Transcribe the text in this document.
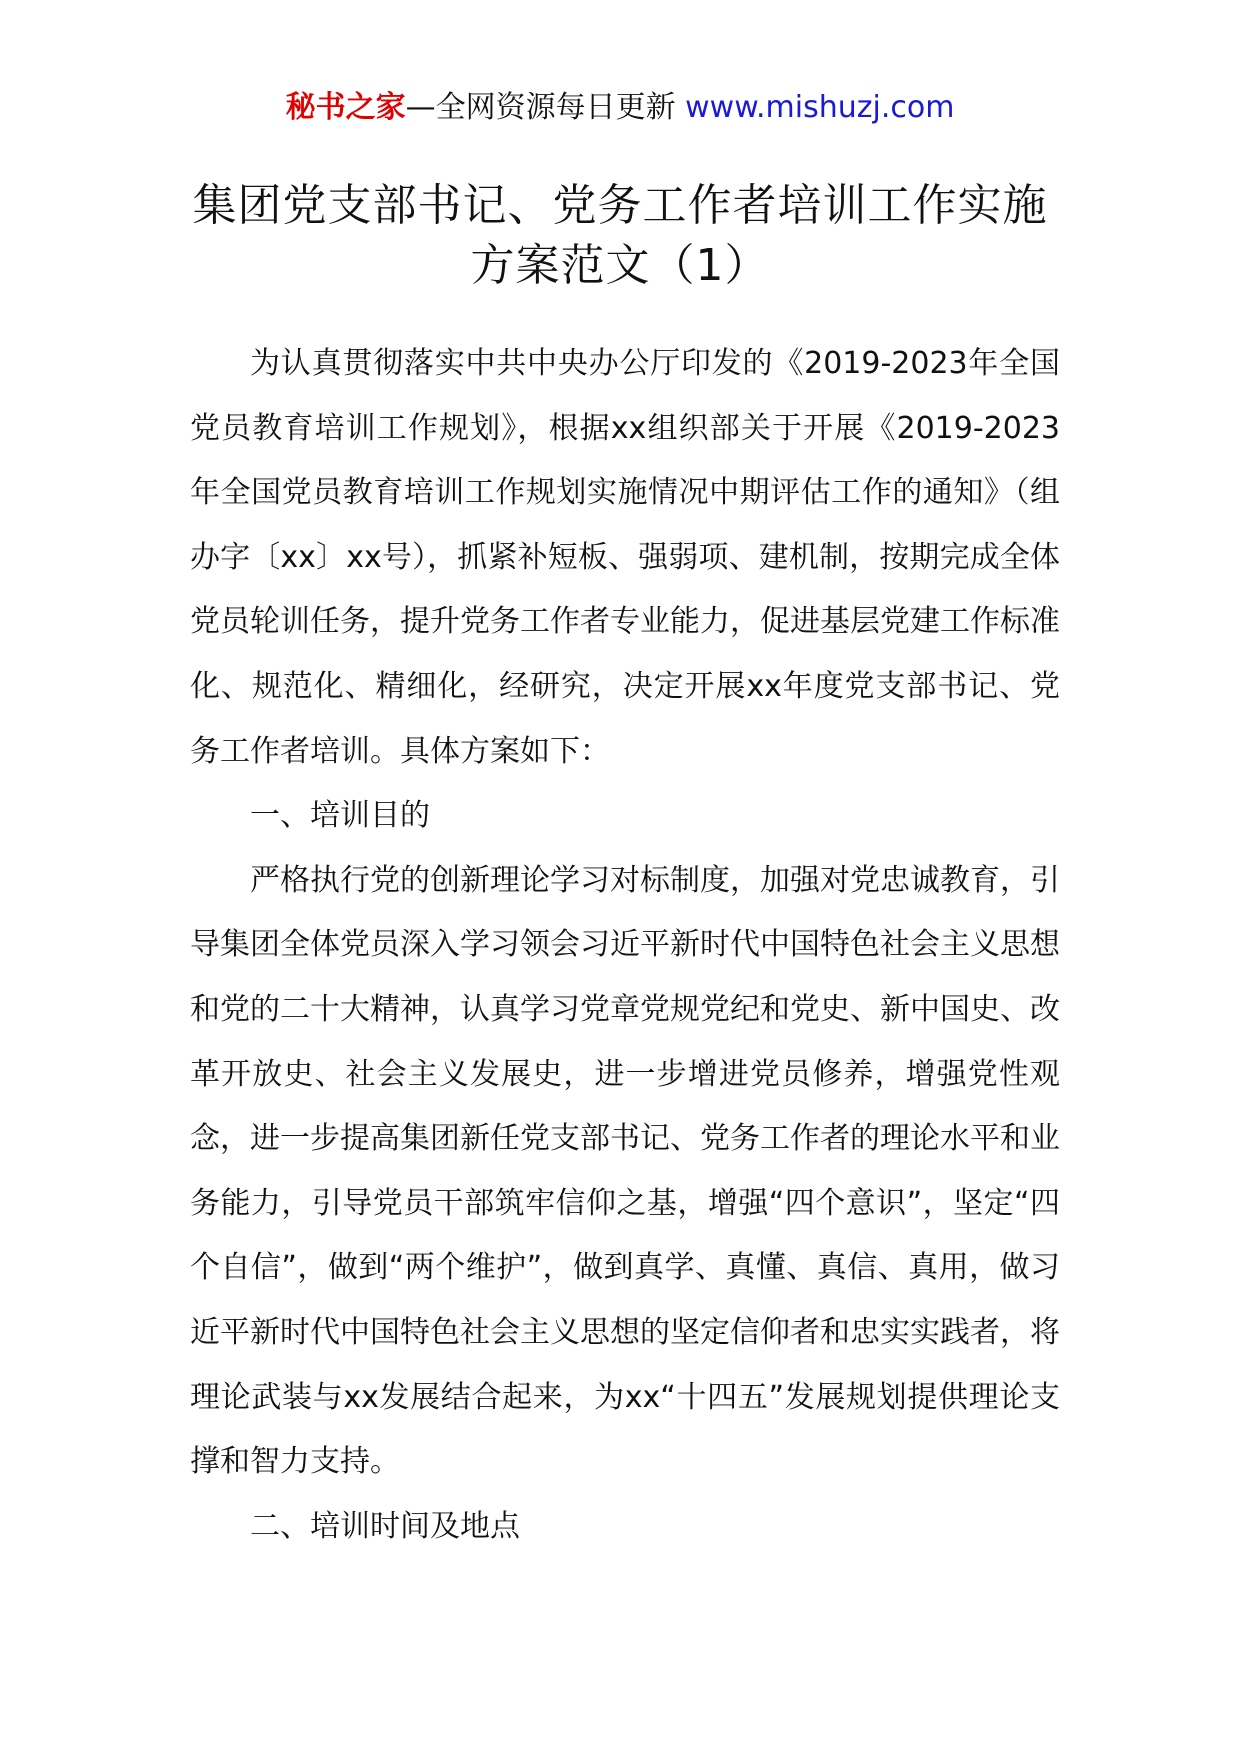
秘书之家—全网资源每日更新 www.mishuzj.com
集团党支部书记、党务工作者培训工作实施方案范文（1）

为认真贯彻落实中共中央办公厅印发的《2019-2023年全国党员教育培训工作规划》，根据xx组织部关于开展《2019-2023年全国党员教育培训工作规划实施情况中期评估工作的通知》（组办字〔xx〕xx号），抓紧补短板、强弱项、建机制，按期完成全体党员轮训任务，提升党务工作者专业能力，促进基层党建工作标准化、规范化、精细化，经研究，决定开展xx年度党支部书记、党务工作者培训。具体方案如下：

一、培训目的

严格执行党的创新理论学习对标制度，加强对党忠诚教育，引导集团全体党员深入学习领会习近平新时代中国特色社会主义思想和党的二十大精神，认真学习党章党规党纪和党史、新中国史、改革开放史、社会主义发展史，进一步增进党员修养，增强党性观念，进一步提高集团新任党支部书记、党务工作者的理论水平和业务能力，引导党员干部筑牢信仰之基，增强“四个意识”，坚定“四个自信”，做到“两个维护”，做到真学、真懂、真信、真用，做习近平新时代中国特色社会主义思想的坚定信仰者和忠实实践者，将理论武装与xx发展结合起来，为xx“十四五”发展规划提供理论支撑和智力支持。

二、培训时间及地点
